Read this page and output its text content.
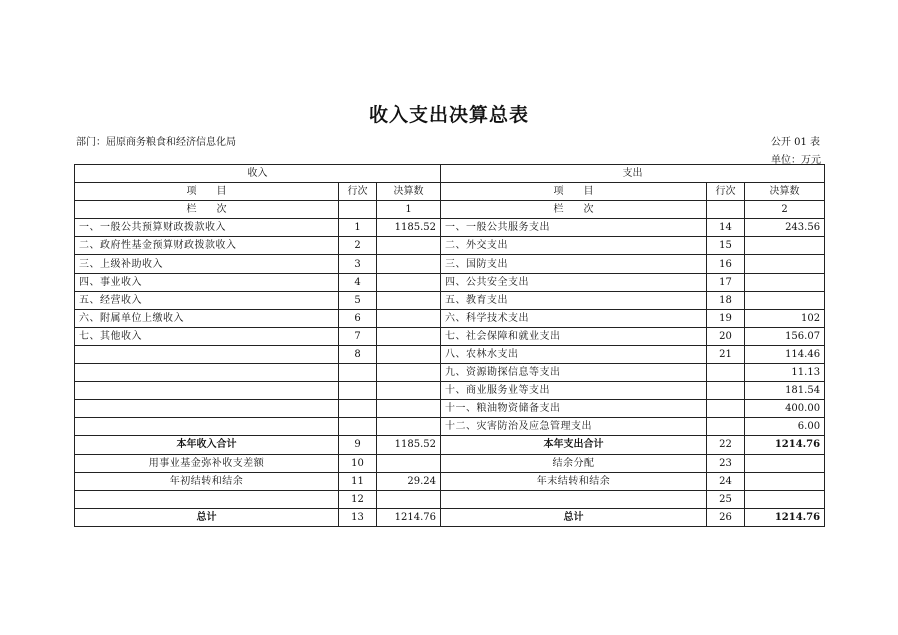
收入支出决算总表
部门：屈原商务粮食和经济信息化局	公开 01 表
单位：万元
收入			支出		
项　　目	行次	决算数	项　　目	行次	决算数
栏　　次		1	栏　　次		2
一、一般公共预算财政拨款收入	1	1185.52	一、一般公共服务支出	14	243.56
二、政府性基金预算财政拨款收入	2		二、外交支出	15	
三、上级补助收入	3		三、国防支出	16	
四、事业收入	4		四、公共安全支出	17	
五、经营收入	5		五、教育支出	18	
六、附属单位上缴收入	6		六、科学技术支出	19	102
七、其他收入	7		七、社会保障和就业支出	20	156.07
	8		八、农林水支出	21	114.46
			九、资源勘探信息等支出		11.13
			十、商业服务业等支出		181.54
			十一、粮油物资储备支出		400.00
			十二、灾害防治及应急管理支出		6.00
本年收入合计	9	1185.52	本年支出合计	22	1214.76
用事业基金弥补收支差额	10		结余分配	23	
年初结转和结余	11	29.24	年末结转和结余	24	
	12			25	
总计	13	1214.76	总计	26	1214.76
